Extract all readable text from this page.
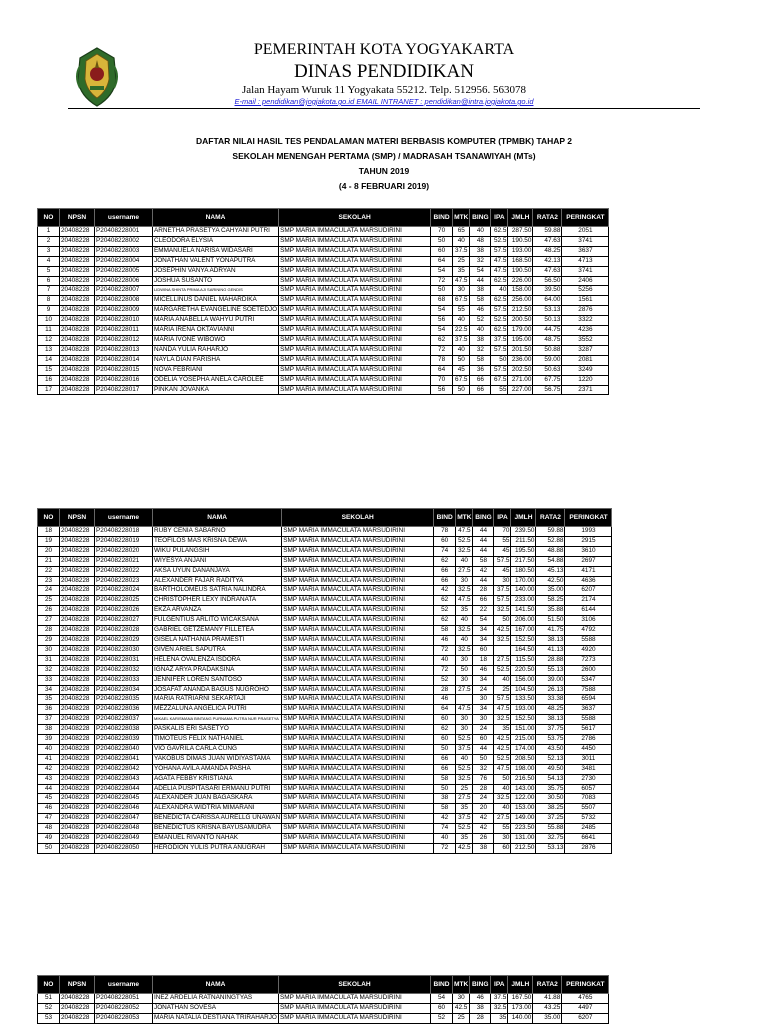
PEMERINTAH KOTA YOGYAKARTA
DINAS PENDIDIKAN
Jalan Hayam Wuruk 11 Yogyakata 55212. Telp. 512956. 563078
E-mail : pendidikan@jogjakota.go.id EMAIL INTRANET : pendidikan@intra.jogjakota.go.id
DAFTAR NILAI HASIL TES PENDALAMAN MATERI BERBASIS KOMPUTER (TPMBK) TAHAP 2
SEKOLAH MENENGAH PERTAMA (SMP) / MADRASAH TSANAWIYAH (MTs)
TAHUN 2019
(4 - 8 FEBRUARI 2019)
NO	NPSN	username	NAMA	SEKOLAH	BIND	MTK	BING	IPA	JMLH	RATA2	PERINGKAT
1	20408228	P20408228001	ARNETHA PRASETYA CAHYANI PUTRI	SMP MARIA IMMACULATA MARSUDIRINI	70	65	40	62.5	287.50	59.88	2051
2	20408228	P20408228002	CLEODORA ELYSIA	SMP MARIA IMMACULATA MARSUDIRINI	50	40	48	52.5	190.50	47.63	3741
3	20408228	P20408228003	EMMANUELA NARISA WIDASARI	SMP MARIA IMMACULATA MARSUDIRINI	60	37.5	38	57.5	193.00	48.25	3637
4	20408228	P20408228004	JONATHAN VALENT YONAPUTRA	SMP MARIA IMMACULATA MARSUDIRINI	64	25	32	47.5	168.50	42.13	4713
5	20408228	P20408228005	JOSEPHIN VANYA ADRYAN	SMP MARIA IMMACULATA MARSUDIRINI	54	35	54	47.5	190.50	47.63	3741
6	20408228	P20408228006	JOSHUA SUSANTO	SMP MARIA IMMACULATA MARSUDIRINI	72	47.5	44	62.5	226.00	56.50	2406
7	20408228	P20408228007	LIDWINA SHINTA PRIMA AJI SARINING GENDIS	SMP MARIA IMMACULATA MARSUDIRINI	50	30	38	40	158.00	39.50	5256
8	20408228	P20408228008	MICELLINUS DANIEL MAHARDIKA	SMP MARIA IMMACULATA MARSUDIRINI	68	67.5	58	62.5	256.00	64.00	1561
9	20408228	P20408228009	MARGARETHA EVANGELINE SOETEDJO	SMP MARIA IMMACULATA MARSUDIRINI	54	55	46	57.5	212.50	53.13	2876
10	20408228	P20408228010	MARIA ANABELLA WAHYU PUTRI	SMP MARIA IMMACULATA MARSUDIRINI	56	40	52	52.5	200.50	50.13	3322
11	20408228	P20408228011	MARIA IRENA OKTAVIANNI	SMP MARIA IMMACULATA MARSUDIRINI	54	22.5	40	62.5	179.00	44.75	4236
12	20408228	P20408228012	MARIA IVONE WIBOWO	SMP MARIA IMMACULATA MARSUDIRINI	62	37.5	38	37.5	195.00	48.75	3552
13	20408228	P20408228013	NANDA YULIA RAHARJO	SMP MARIA IMMACULATA MARSUDIRINI	72	40	32	57.5	201.50	50.88	3287
14	20408228	P20408228014	NAYLA DIAN FARISHA	SMP MARIA IMMACULATA MARSUDIRINI	78	50	58	50	236.00	59.00	2081
15	20408228	P20408228015	NOVA FEBRIANI	SMP MARIA IMMACULATA MARSUDIRINI	64	45	36	57.5	202.50	50.63	3249
16	20408228	P20408228016	ODELIA YOSEPHA ANELA CAROLEE	SMP MARIA IMMACULATA MARSUDIRINI	70	67.5	66	67.5	271.00	67.75	1220
17	20408228	P20408228017	PINKAN JOVANKA	SMP MARIA IMMACULATA MARSUDIRINI	56	50	66	55	227.00	56.75	2371
NO	NPSN	username	NAMA	SEKOLAH	BIND	MTK	BING	IPA	JMLH	RATA2	PERINGKAT
18	20408228	P20408228018	RUBY CENIA SABARNO	SMP MARIA IMMACULATA MARSUDIRINI	78	47.5	44	70	239.50	59.88	1993
19	20408228	P20408228019	TEOFILOS MAS KRISNA DEWA	SMP MARIA IMMACULATA MARSUDIRINI	60	52.5	44	55	211.50	52.88	2915
20	20408228	P20408228020	WIKU PULANGSIH	SMP MARIA IMMACULATA MARSUDIRINI	74	32.5	44	45	195.50	48.88	3610
21	20408228	P20408228021	WIYESYA ANJANI	SMP MARIA IMMACULATA MARSUDIRINI	62	40	58	57.5	217.50	54.88	2697
22	20408228	P20408228022	AKSA UYUN DANANJAYA	SMP MARIA IMMACULATA MARSUDIRINI	66	27.5	42	45	180.50	45.13	4171
23	20408228	P20408228023	ALEXANDER FAJAR RADITYA	SMP MARIA IMMACULATA MARSUDIRINI	66	30	44	30	170.00	42.50	4636
24	20408228	P20408228024	BARTHOLOMEUS SATRIA NALINDRA	SMP MARIA IMMACULATA MARSUDIRINI	42	32.5	28	37.5	140.00	35.00	6207
25	20408228	P20408228025	CHRISTOPHER LEXY INDRANATA	SMP MARIA IMMACULATA MARSUDIRINI	62	47.5	66	57.5	233.00	58.25	2174
26	20408228	P20408228026	EKZA ARVANZA	SMP MARIA IMMACULATA MARSUDIRINI	52	35	22	32.5	141.50	35.88	6144
27	20408228	P20408228027	FULGENTIUS ARLITO WICAKSANA	SMP MARIA IMMACULATA MARSUDIRINI	62	40	54	50	206.00	51.50	3106
28	20408228	P20408228028	GABRIEL GETZEMANY FILLETEA	SMP MARIA IMMACULATA MARSUDIRINI	58	32.5	34	42.5	167.00	41.75	4792
29	20408228	P20408228029	GISELA NATHANIA PRAMESTI	SMP MARIA IMMACULATA MARSUDIRINI	46	40	34	32.5	152.50	38.13	5588
30	20408228	P20408228030	GIVEN ARIEL SAPUTRA	SMP MARIA IMMACULATA MARSUDIRINI	72	32.5	60		164.50	41.13	4920
31	20408228	P20408228031	HELENA OVALENZA ISDORA	SMP MARIA IMMACULATA MARSUDIRINI	40	30	18	27.5	115.50	28.88	7273
32	20408228	P20408228032	IGNAZ ARYA PRADAKSINA	SMP MARIA IMMACULATA MARSUDIRINI	72	50	46	52.5	220.50	55.13	2600
33	20408228	P20408228033	JENNIFER LOREN SANTOSO	SMP MARIA IMMACULATA MARSUDIRINI	52	30	34	40	156.00	39.00	5347
34	20408228	P20408228034	JOSAFAT ANANDA BAGUS NUGROHO	SMP MARIA IMMACULATA MARSUDIRINI	28	27.5	24	25	104.50	26.13	7588
35	20408228	P20408228035	MARIA RATRIARNI SEKARTAJI	SMP MARIA IMMACULATA MARSUDIRINI	46		30	57.5	133.50	33.38	6594
36	20408228	P20408228036	MEZZALUNA ANGELICA PUTRI	SMP MARIA IMMACULATA MARSUDIRINI	64	47.5	34	47.5	193.00	48.25	3637
37	20408228	P20408228037	MIKAEL KARISMANA BINTANG PURNAMA PUTRA NUR PRASETYA	SMP MARIA IMMACULATA MARSUDIRINI	60	30	30	32.5	152.50	38.13	5588
38	20408228	P20408228038	PASKALIS ERI SASETYO	SMP MARIA IMMACULATA MARSUDIRINI	62	30	24	35	151.00	37.75	5617
39	20408228	P20408228039	TIMOTEUS FELIX NATHANIEL	SMP MARIA IMMACULATA MARSUDIRINI	60	52.5	60	42.5	215.00	53.75	2786
40	20408228	P20408228040	VIO GAVRILA CARLA CUNG	SMP MARIA IMMACULATA MARSUDIRINI	50	37.5	44	42.5	174.00	43.50	4450
41	20408228	P20408228041	YAKOBUS DIMAS JUAN WIDIYASTAMA	SMP MARIA IMMACULATA MARSUDIRINI	66	40	50	52.5	208.50	52.13	3011
42	20408228	P20408228042	YOHANA AVILA AMANDA PASHA	SMP MARIA IMMACULATA MARSUDIRINI	66	52.5	32	47.5	198.00	49.50	3481
43	20408228	P20408228043	AGATA FEBBY KRISTIANA	SMP MARIA IMMACULATA MARSUDIRINI	58	32.5	76	50	216.50	54.13	2730
44	20408228	P20408228044	ADELIA PUSPITASARI ERMANU PUTRI	SMP MARIA IMMACULATA MARSUDIRINI	50	25	28	40	143.00	35.75	6057
45	20408228	P20408228045	ALEXANDER JUAN BAGASKARA	SMP MARIA IMMACULATA MARSUDIRINI	38	27.5	24	32.5	122.00	30.50	7083
46	20408228	P20408228046	ALEXANDRA WIDTRIA MIMARANI	SMP MARIA IMMACULATA MARSUDIRINI	58	35	20	40	153.00	38.25	5507
47	20408228	P20408228047	BENEDICTA CARISSA AURELLG UNAWAN	SMP MARIA IMMACULATA MARSUDIRINI	42	37.5	42	27.5	149.00	37.25	5732
48	20408228	P20408228048	BENEDICTUS KRISNA BAYUSAMUDRA	SMP MARIA IMMACULATA MARSUDIRINI	74	52.5	42	55	223.50	55.88	2485
49	20408228	P20408228049	EMANUEL RIVANTO NAHAK	SMP MARIA IMMACULATA MARSUDIRINI	40	35	26	30	131.00	32.75	6641
50	20408228	P20408228050	HERODION YULIS PUTRA ANUGRAH	SMP MARIA IMMACULATA MARSUDIRINI	72	42.5	38	60	212.50	53.13	2876
NO	NPSN	username	NAMA	SEKOLAH	BIND	MTK	BING	IPA	JMLH	RATA2	PERINGKAT
51	20408228	P20408228051	INEZ ARDELIA RATNANINGTYAS	SMP MARIA IMMACULATA MARSUDIRINI	54	30	46	37.5	167.50	41.88	4765
52	20408228	P20408228052	JONATHAN SOVESA	SMP MARIA IMMACULATA MARSUDIRINI	60	42.5	38	32.5	173.00	43.25	4497
53	20408228	P20408228053	MARIA NATALIA DESTIANA TRIRAHARJO	SMP MARIA IMMACULATA MARSUDIRINI	52	25	28	35	140.00	35.00	6207
